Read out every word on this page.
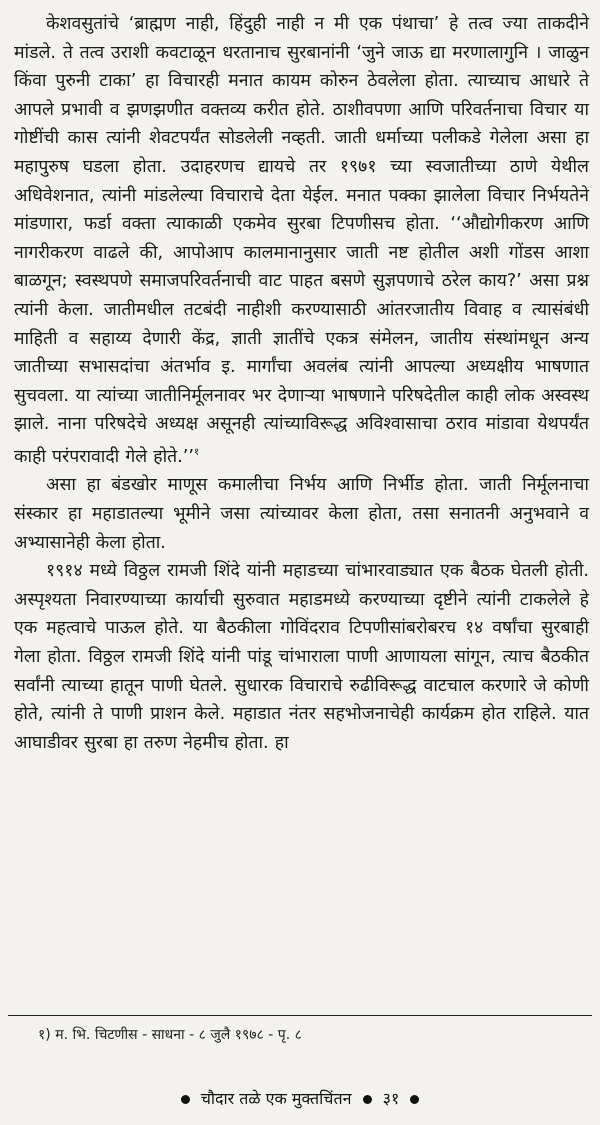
केशवसुतांचे ‘ब्राह्मण नाही, हिंदुही नाही न मी एक पंथाचा’ हे तत्व ज्या ताकदीने मांडले. ते तत्व उराशी कवटाळून धरतानाच सुरबानांनी ‘जुने जाऊ द्या मरणालागुनि । जाळुन किंवा पुरुनी टाका’ हा विचारही मनात कायम कोरुन ठेवलेला होता. त्याच्याच आधारे ते आपले प्रभावी व झणझणीत वक्तव्य करीत होते. ठाशीवपणा आणि परिवर्तनाचा विचार या गोष्टींची कास त्यांनी शेवटपर्यंत सोडलेली नव्हती. जाती धर्माच्या पलीकडे गेलेला असा हा महापुरुष घडला होता. उदाहरणच द्यायचे तर १९७१ च्या स्वजातीच्या ठाणे येथील अधिवेशनात, त्यांनी मांडलेल्या विचाराचे देता येईल. मनात पक्का झालेला विचार निर्भयतेने मांडणारा, फर्डा वक्ता त्याकाळी एकमेव सुरबा टिपणीसच होता. ‘‘औद्योगीकरण आणि नागरीकरण वाढले की, आपोआप कालमानानुसार जाती नष्ट होतील अशी गोंडस आशा बाळगून; स्वस्थपणे समाजपरिवर्तनाची वाट पाहत बसणे सुज्ञपणाचे ठरेल काय?’ असा प्रश्न त्यांनी केला. जातीमधील तटबंदी नाहीशी करण्यासाठी आंतरजातीय विवाह व त्यासंबंधी माहिती व सहाय्य देणारी केंद्र, ज्ञाती ज्ञातींचे एकत्र संमेलन, जातीय संस्थांमधून अन्य जातीच्या सभासदांचा अंतर्भाव इ. मार्गांचा अवलंब त्यांनी आपल्या अध्यक्षीय भाषणात सुचवला. या त्यांच्या जातीनिर्मूलनावर भर देणाऱ्या भाषणाने परिषदेतील काही लोक अस्वस्थ झाले. नाना परिषदेचे अध्यक्ष असूनही त्यांच्याविरूद्ध अविश्वासाचा ठराव मांडावा येथपर्यंत काही परंपरावादी गेले होते.’’$^१$

असा हा बंडखोर माणूस कमालीचा निर्भय आणि निर्भीड होता. जाती निर्मूलनाचा संस्कार हा महाडातल्या भूमीने जसा त्यांच्यावर केला होता, तसा सनातनी अनुभवाने व अभ्यासानेही केला होता.

१९१४ मध्ये विठ्ठल रामजी शिंदे यांनी महाडच्या चांभारवाड्यात एक बैठक घेतली होती. अस्पृश्यता निवारण्याच्या कार्याची सुरुवात महाडमध्ये करण्याच्या दृष्टीने त्यांनी टाकलेले हे एक महत्वाचे पाऊल होते. या बैठकीला गोविंदराव टिपणीसांबरोबरच १४ वर्षांचा सुरबाही गेला होता. विठ्ठल रामजी शिंदे यांनी पांडू चांभाराला पाणी आणायला सांगून, त्याच बैठकीत सर्वांनी त्याच्या हातून पाणी घेतले. सुधारक विचाराचे रुढीविरूद्ध वाटचाल करणारे जे कोणी होते, त्यांनी ते पाणी प्राशन केले. महाडात नंतर सहभोजनाचेही कार्यक्रम होत राहिले. यात आघाडीवर सुरबा हा तरुण नेहमीच होता. हा

१) म. भि. चिटणीस - साधना - ८ जुलै १९७८ - पृ. ८
चौदार तळे एक मुक्तचिंतन ३१
